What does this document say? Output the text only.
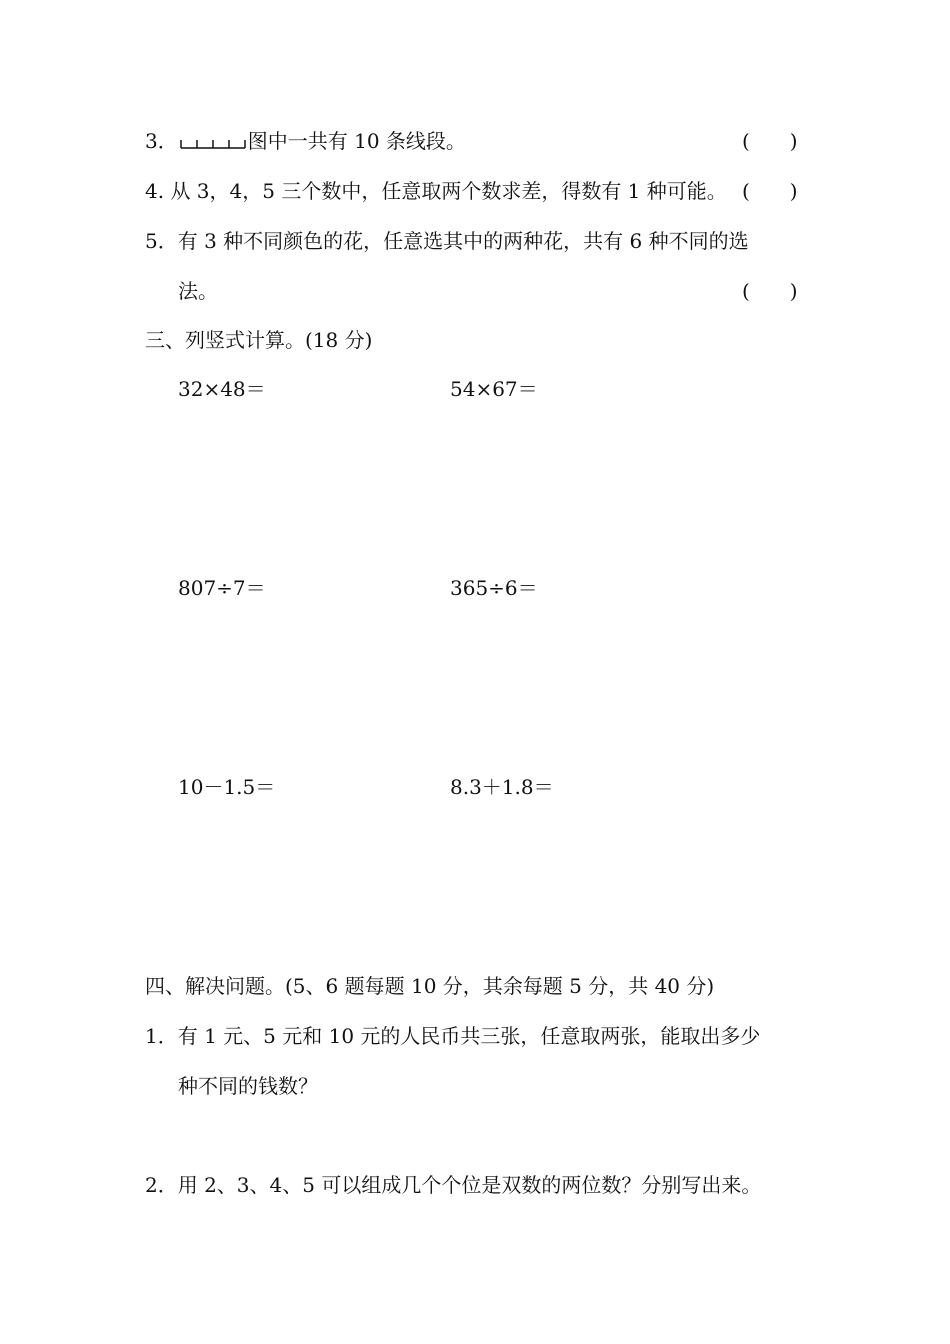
3．	图中一共有 10 条线段。	(　　)
4. 从 3，4，5 三个数中，任意取两个数求差，得数有 1 种可能。 (　　)
5．有 3 种不同颜色的花，任意选其中的两种花，共有 6 种不同的选
法。	(　　)
三、列竖式计算。(18 分)
32×48＝	54×67＝
807÷7＝	365÷6＝
10－1.5＝	8.3＋1.8＝
四、解决问题。(5、6 题每题 10 分，其余每题 5 分，共 40 分)
1．有 1 元、5 元和 10 元的人民币共三张，任意取两张，能取出多少
种不同的钱数？
2．用 2、3、4、5 可以组成几个个位是双数的两位数？分别写出来。
